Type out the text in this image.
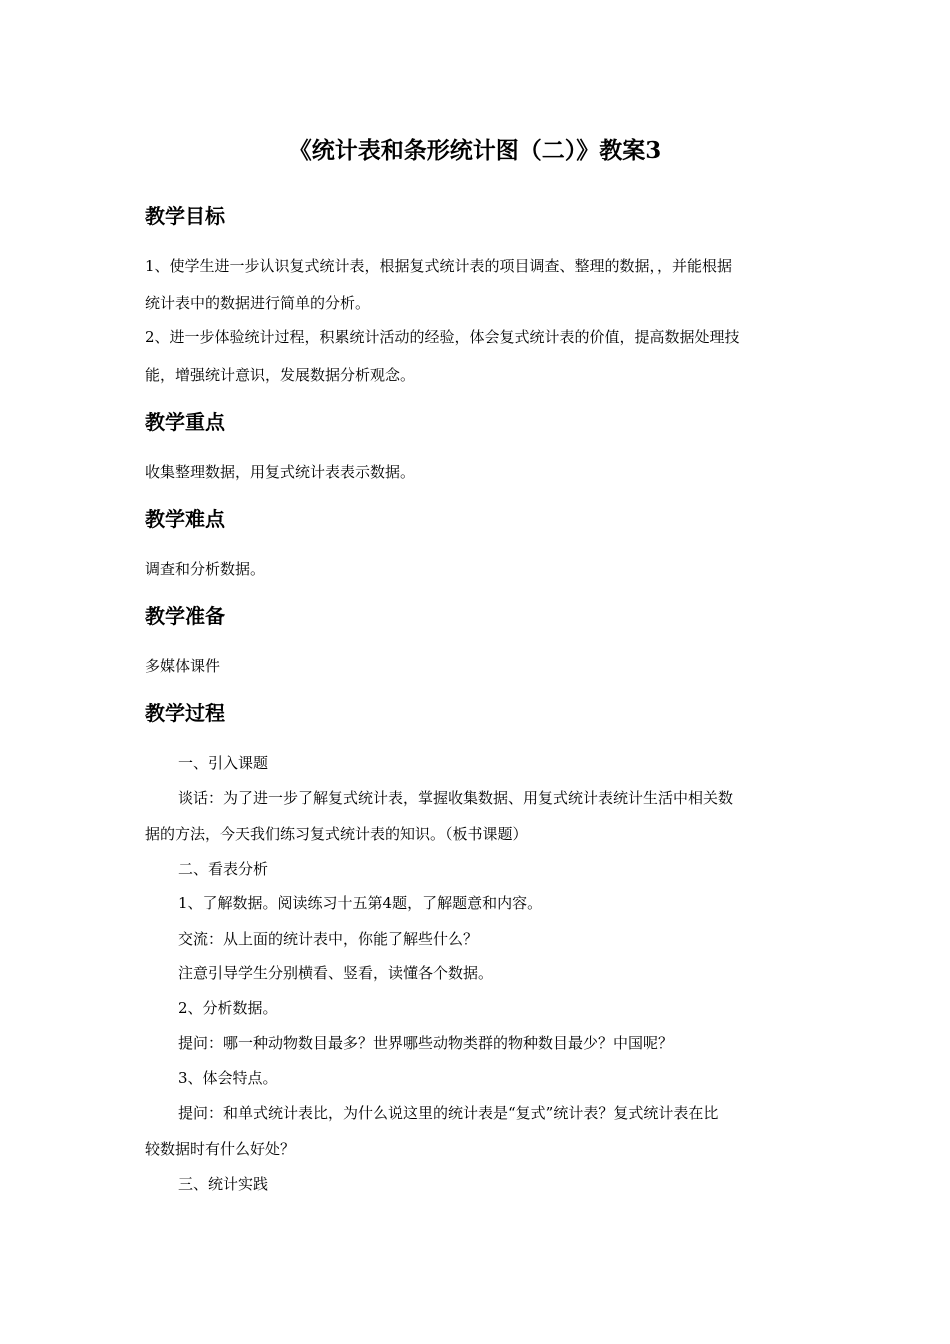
《统计表和条形统计图（二）》教案3
教学目标
1、使学生进一步认识复式统计表，根据复式统计表的项目调查、整理的数据，，并能根据
统计表中的数据进行简单的分析。
2、进一步体验统计过程，积累统计活动的经验，体会复式统计表的价值，提高数据处理技
能，增强统计意识，发展数据分析观念。
教学重点
收集整理数据，用复式统计表表示数据。
教学难点
调查和分析数据。
教学准备
多媒体课件
教学过程
一、引入课题
谈话：为了进一步了解复式统计表，掌握收集数据、用复式统计表统计生活中相关数
据的方法，今天我们练习复式统计表的知识。（板书课题）
二、看表分析
1、了解数据。阅读练习十五第4题，了解题意和内容。
交流：从上面的统计表中，你能了解些什么？
注意引导学生分别横看、竖看，读懂各个数据。
2、分析数据。
提问：哪一种动物数目最多？世界哪些动物类群的物种数目最少？中国呢？
3、体会特点。
提问：和单式统计表比，为什么说这里的统计表是“复式”统计表？复式统计表在比
较数据时有什么好处？
三、统计实践
